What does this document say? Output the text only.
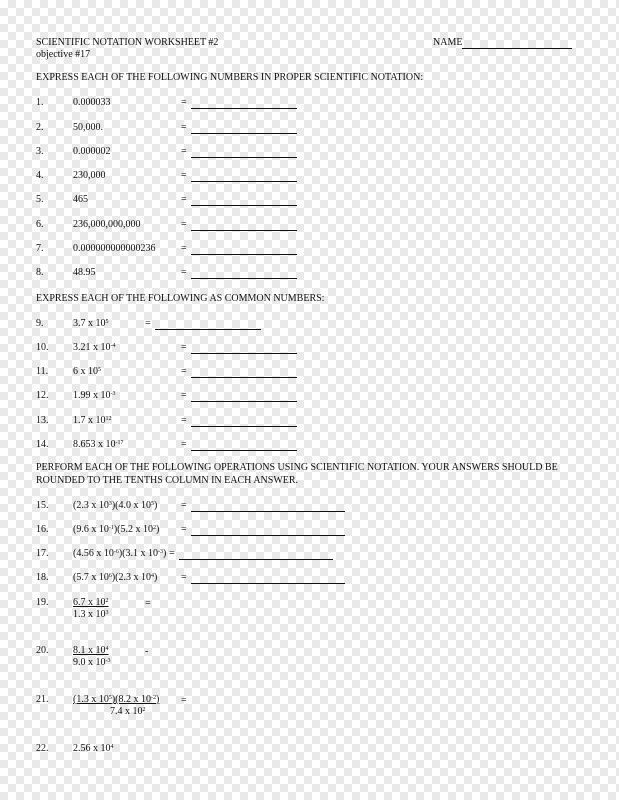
SCIENTIFIC NOTATION WORKSHEET #2
objective #17
NAME
EXPRESS EACH OF THE FOLLOWING NUMBERS IN PROPER SCIENTIFIC NOTATION:
1.	0.000033	=
2.	50,000.	=
3.	0.000002	=
4.	230,000	=
5.	465	=
6.	236,000,000,000	=
7.	0.000000000000236	=
8.	48.95	=
EXPRESS EACH OF THE FOLLOWING AS COMMON NUMBERS:
9.	3.7 x $10^5$	=
10. 3.21 x $10^{-4}$	=
11. 6 x $10^5$	=
12. 1.99 x $10^{-3}$	=
13. 1.7 x $10^{12}$	=
14. 8.653 x $10^{-17}$	=
PERFORM EACH OF THE FOLLOWING OPERATIONS USING SCIENTIFIC NOTATION. YOUR ANSWERS SHOULD BE
ROUNDED TO THE TENTHS COLUMN IN EACH ANSWER.
15. (2.3 x $10^3)(4.0$ x $10^5$) =
16. (9.6 x $10^{-1})(5.2$ x $10^2$) =
17. (4.56 x $10^{-6})(3.1$ x $10^{-3}$) =
18. (5.7 x $10^6)(2.3$ x $10^4$) =
19. 6.7 x $10^2$
1.3 x $10^3$
=
20. 8.1 x $10^4$
9.0 x $10^{-3}$
-
21. (1.3 x $10^5)(8.2$ x $10^{-2}$)
7.4 x $10^2$
=
22. 2.56 x $10^4$
